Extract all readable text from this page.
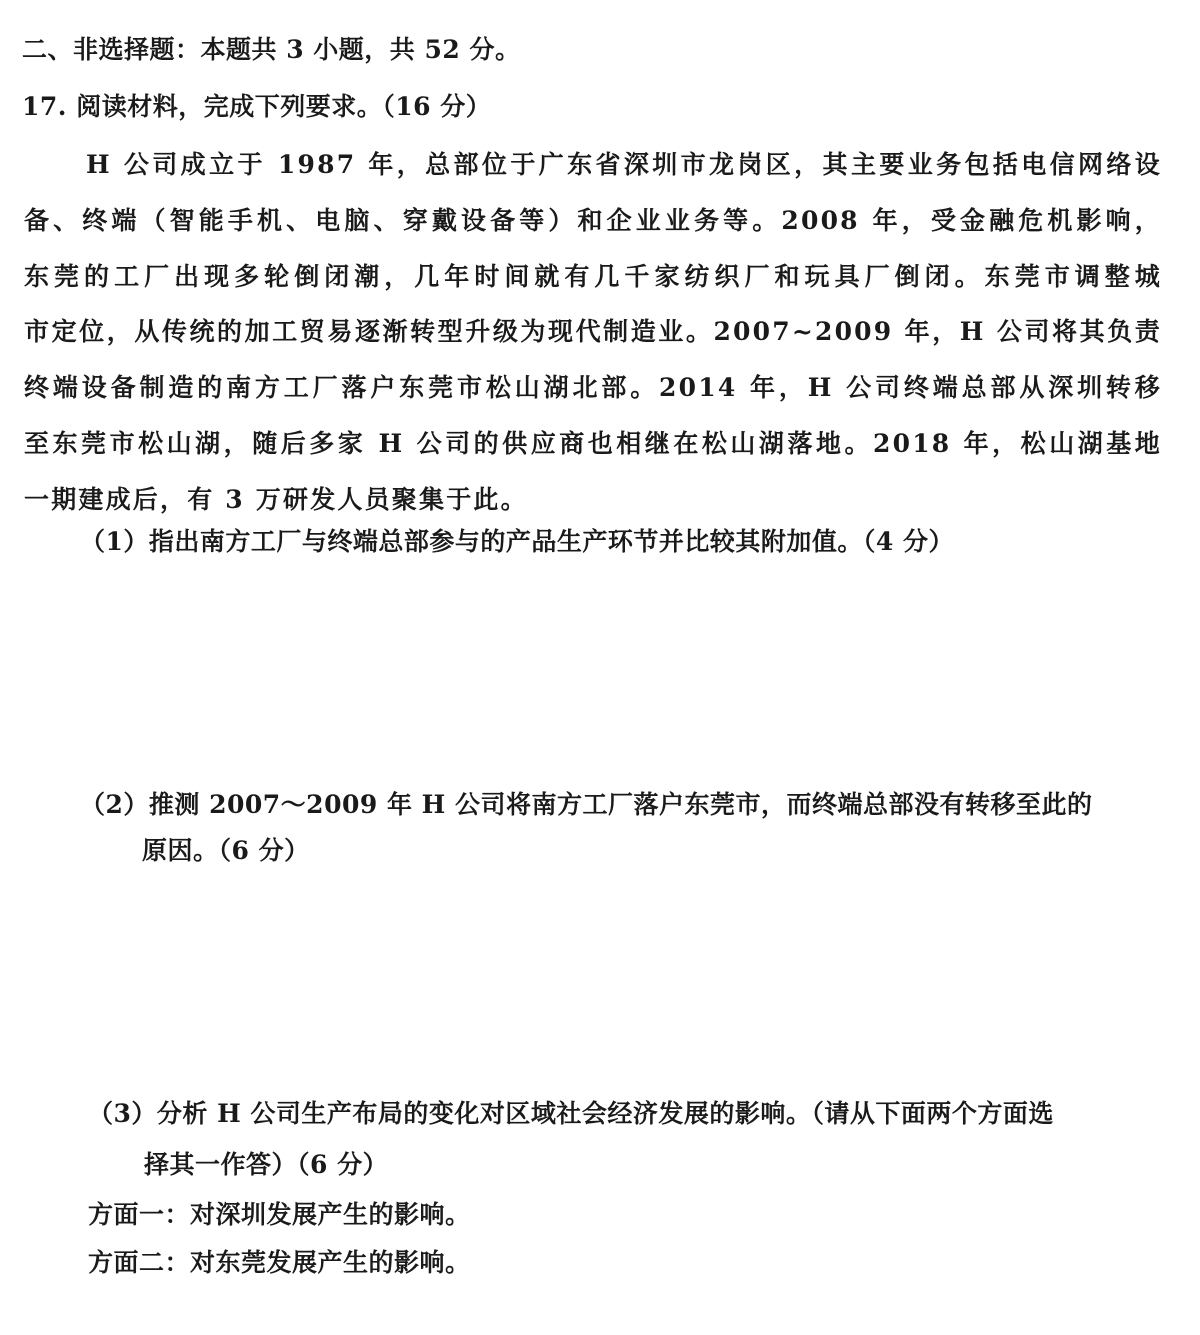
二、非选择题：本题共 3 小题，共 52 分。
17. 阅读材料，完成下列要求。（16 分）
H 公司成立于 1987 年，总部位于广东省深圳市龙岗区，其主要业务包括电信网络设
备、终端（智能手机、电脑、穿戴设备等）和企业业务等。2008 年，受金融危机影响，
东莞的工厂出现多轮倒闭潮，几年时间就有几千家纺织厂和玩具厂倒闭。东莞市调整城
市定位，从传统的加工贸易逐渐转型升级为现代制造业。2007~2009 年，H 公司将其负责
终端设备制造的南方工厂落户东莞市松山湖北部。2014 年，H 公司终端总部从深圳转移
至东莞市松山湖，随后多家 H 公司的供应商也相继在松山湖落地。2018 年，松山湖基地
一期建成后，有 3 万研发人员聚集于此。
（1）指出南方工厂与终端总部参与的产品生产环节并比较其附加值。（4 分）
（2）推测 2007～2009 年 H 公司将南方工厂落户东莞市，而终端总部没有转移至此的
原因。（6 分）
（3）分析 H 公司生产布局的变化对区域社会经济发展的影响。（请从下面两个方面选
择其一作答）（6 分）
方面一：对深圳发展产生的影响。
方面二：对东莞发展产生的影响。
